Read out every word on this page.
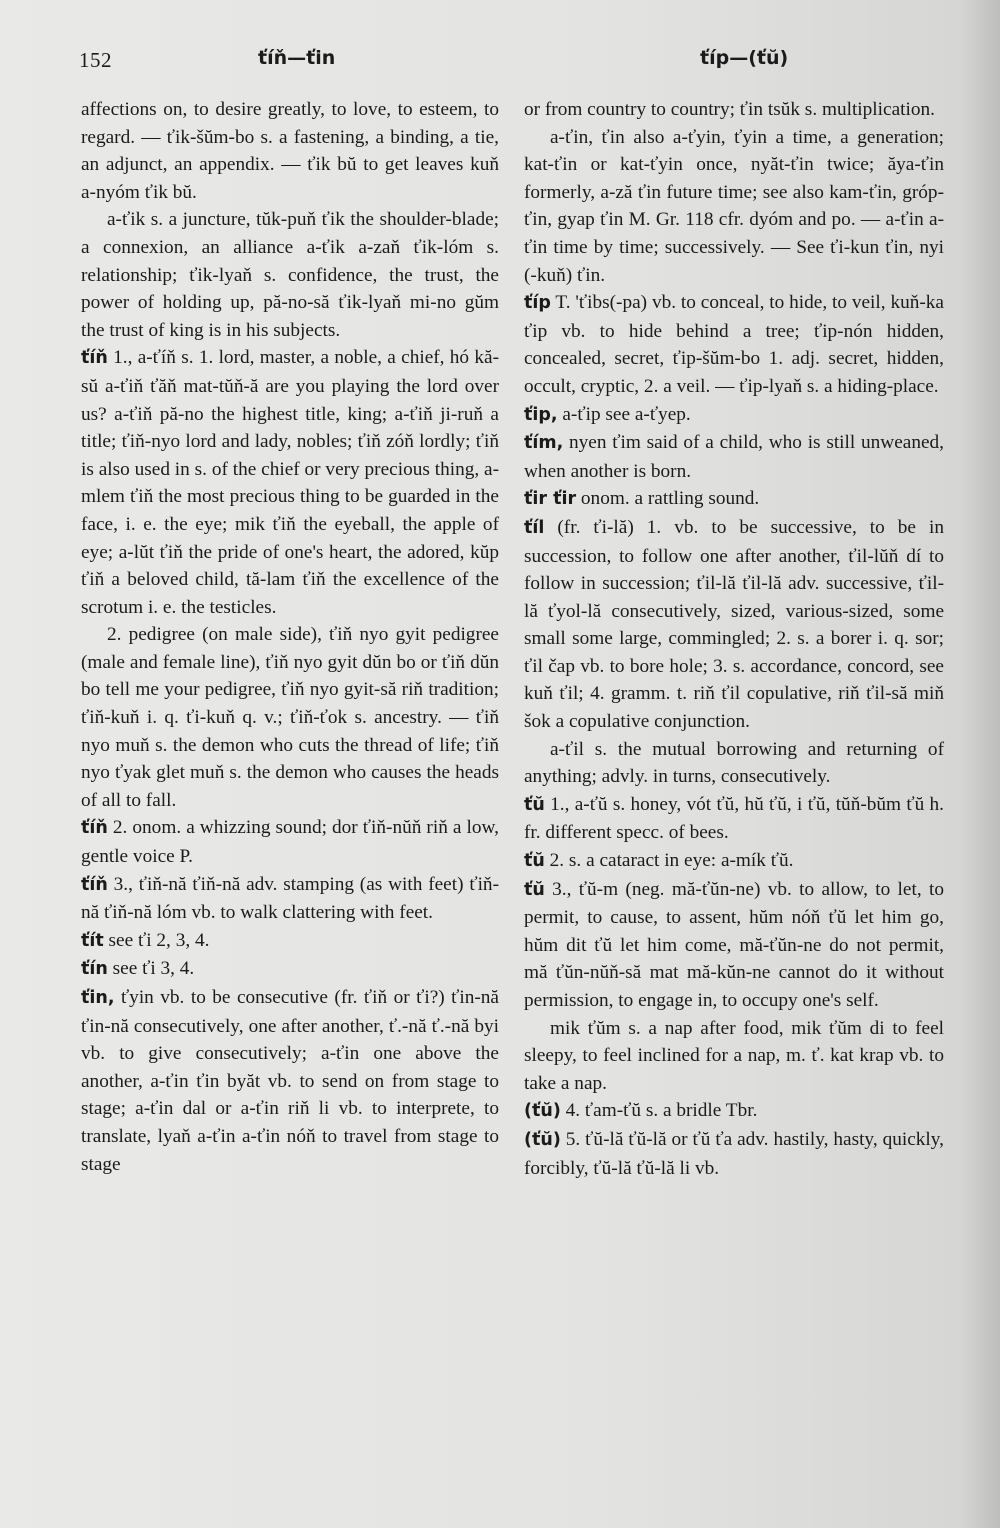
152	ťíň—ťin	ťíp—(ťŭ)

affections on, to desire greatly, to love, to esteem, to regard. — ťik-šŭm-bo s. a fastening, a binding, a tie, an adjunct, an appendix. — ťik bŭ to get leaves kuň a-nyóm ťik bŭ.

a-ťik s. a juncture, tŭk-puň ťik the shoulder-blade; a connexion, an alliance a-ťik a-zaň ťik-lóm s. relationship; ťik-lyaň s. confidence, the trust, the power of holding up, pă-no-să ťik-lyaň mi-no gŭm the trust of king is in his subjects.

ťíň 1., a-ťíň s. 1. lord, master, a noble, a chief, hó kă-sŭ a-ťiň ťăň mat-tŭň-ă are you playing the lord over us? a-ťiň pă-no the highest title, king; a-ťiň ji-ruň a title; ťiň-nyo lord and lady, nobles; ťiň zóň lordly; ťiň is also used in s. of the chief or very precious thing, a-mlem ťiň the most precious thing to be guarded in the face, i. e. the eye; mik ťiň the eyeball, the apple of eye; a-lŭt ťiň the pride of one's heart, the adored, kŭp ťiň a beloved child, tă-lam ťiň the excellence of the scrotum i. e. the testicles.

2. pedigree (on male side), ťiň nyo gyit pedigree (male and female line), ťiň nyo gyit dŭn bo or ťiň dŭn bo tell me your pedigree, ťiň nyo gyit-să riň tradition; ťiň-kuň i. q. ťi-kuň q. v.; ťiň-ťok s. ancestry. — ťiň nyo muň s. the demon who cuts the thread of life; ťiň nyo ťyak glet muň s. the demon who causes the heads of all to fall.

ťíň 2. onom. a whizzing sound; dor ťiň-nŭň riň a low, gentle voice P.

ťíň 3., ťiň-nă ťiň-nă adv. stamping (as with feet) ťiň-nă ťiň-nă lóm vb. to walk clattering with feet.

ťít see ťi 2, 3, 4.

ťín see ťi 3, 4.

ťin, ťyin vb. to be consecutive (fr. ťiň or ťi?) ťin-nă ťin-nă consecutively, one after another, ť.-nă ť.-nă byi vb. to give consecutively; a-ťin one above the another, a-ťin ťin byăt vb. to send on from stage to stage; a-ťin dal or a-ťin riň li vb. to interprete, to translate, lyaň a-ťin a-ťin nóň to travel from stage to stage

or from country to country; ťin tsŭk s. multiplication.

a-ťin, ťin also a-ťyin, ťyin a time, a generation; kat-ťin or kat-ťyin once, nyăt-ťin twice; ăya-ťin formerly, a-ză ťin future time; see also kam-ťin, gróp-ťin, gyap ťin M. Gr. 118 cfr. dyóm and po. — a-ťin a-ťin time by time; successively. — See ťi-kun ťin, nyi (-kuň) ťin.

ťíp T. 'ťibs(-pa) vb. to conceal, to hide, to veil, kuň-ka ťip vb. to hide behind a tree; ťip-nón hidden, concealed, secret, ťip-šŭm-bo 1. adj. secret, hidden, occult, cryptic, 2. a veil. — ťip-lyaň s. a hiding-place.

ťip, a-ťip see a-ťyep.

ťím, nyen ťim said of a child, who is still unweaned, when another is born.

ťir ťir onom. a rattling sound.

ťíl (fr. ťi-lă) 1. vb. to be successive, to be in succession, to follow one after another, ťil-lŭň dí to follow in succession; ťil-lă ťil-lă adv. successive, ťil-lă ťyol-lă consecutively, sized, various-sized, some small some large, commingled; 2. s. a borer i. q. sor; ťil čap vb. to bore hole; 3. s. accordance, concord, see kuň ťil; 4. gramm. t. riň ťil copulative, riň ťil-să miň šok a copulative conjunction.

a-ťil s. the mutual borrowing and returning of anything; advly. in turns, consecutively.

ťŭ 1., a-ťŭ s. honey, vót ťŭ, hŭ ťŭ, i ťŭ, tŭň-bŭm ťŭ h. fr. different specc. of bees.

ťŭ 2. s. a cataract in eye: a-mík ťŭ.

ťŭ 3., ťŭ-m (neg. mă-ťŭn-ne) vb. to allow, to let, to permit, to cause, to assent, hŭm nóň ťŭ let him go, hŭm dit ťŭ let him come, mă-ťŭn-ne do not permit, mă ťŭn-nŭň-să mat mă-kŭn-ne cannot do it without permission, to engage in, to occupy one's self.

mik ťŭm s. a nap after food, mik ťŭm di to feel sleepy, to feel inclined for a nap, m. ť. kat krap vb. to take a nap.

(ťŭ) 4. ťam-ťŭ s. a bridle Tbr.

(ťŭ) 5. ťŭ-lă ťŭ-lă or ťŭ ťa adv. hastily, hasty, quickly, forcibly, ťŭ-lă ťŭ-lă li vb.
